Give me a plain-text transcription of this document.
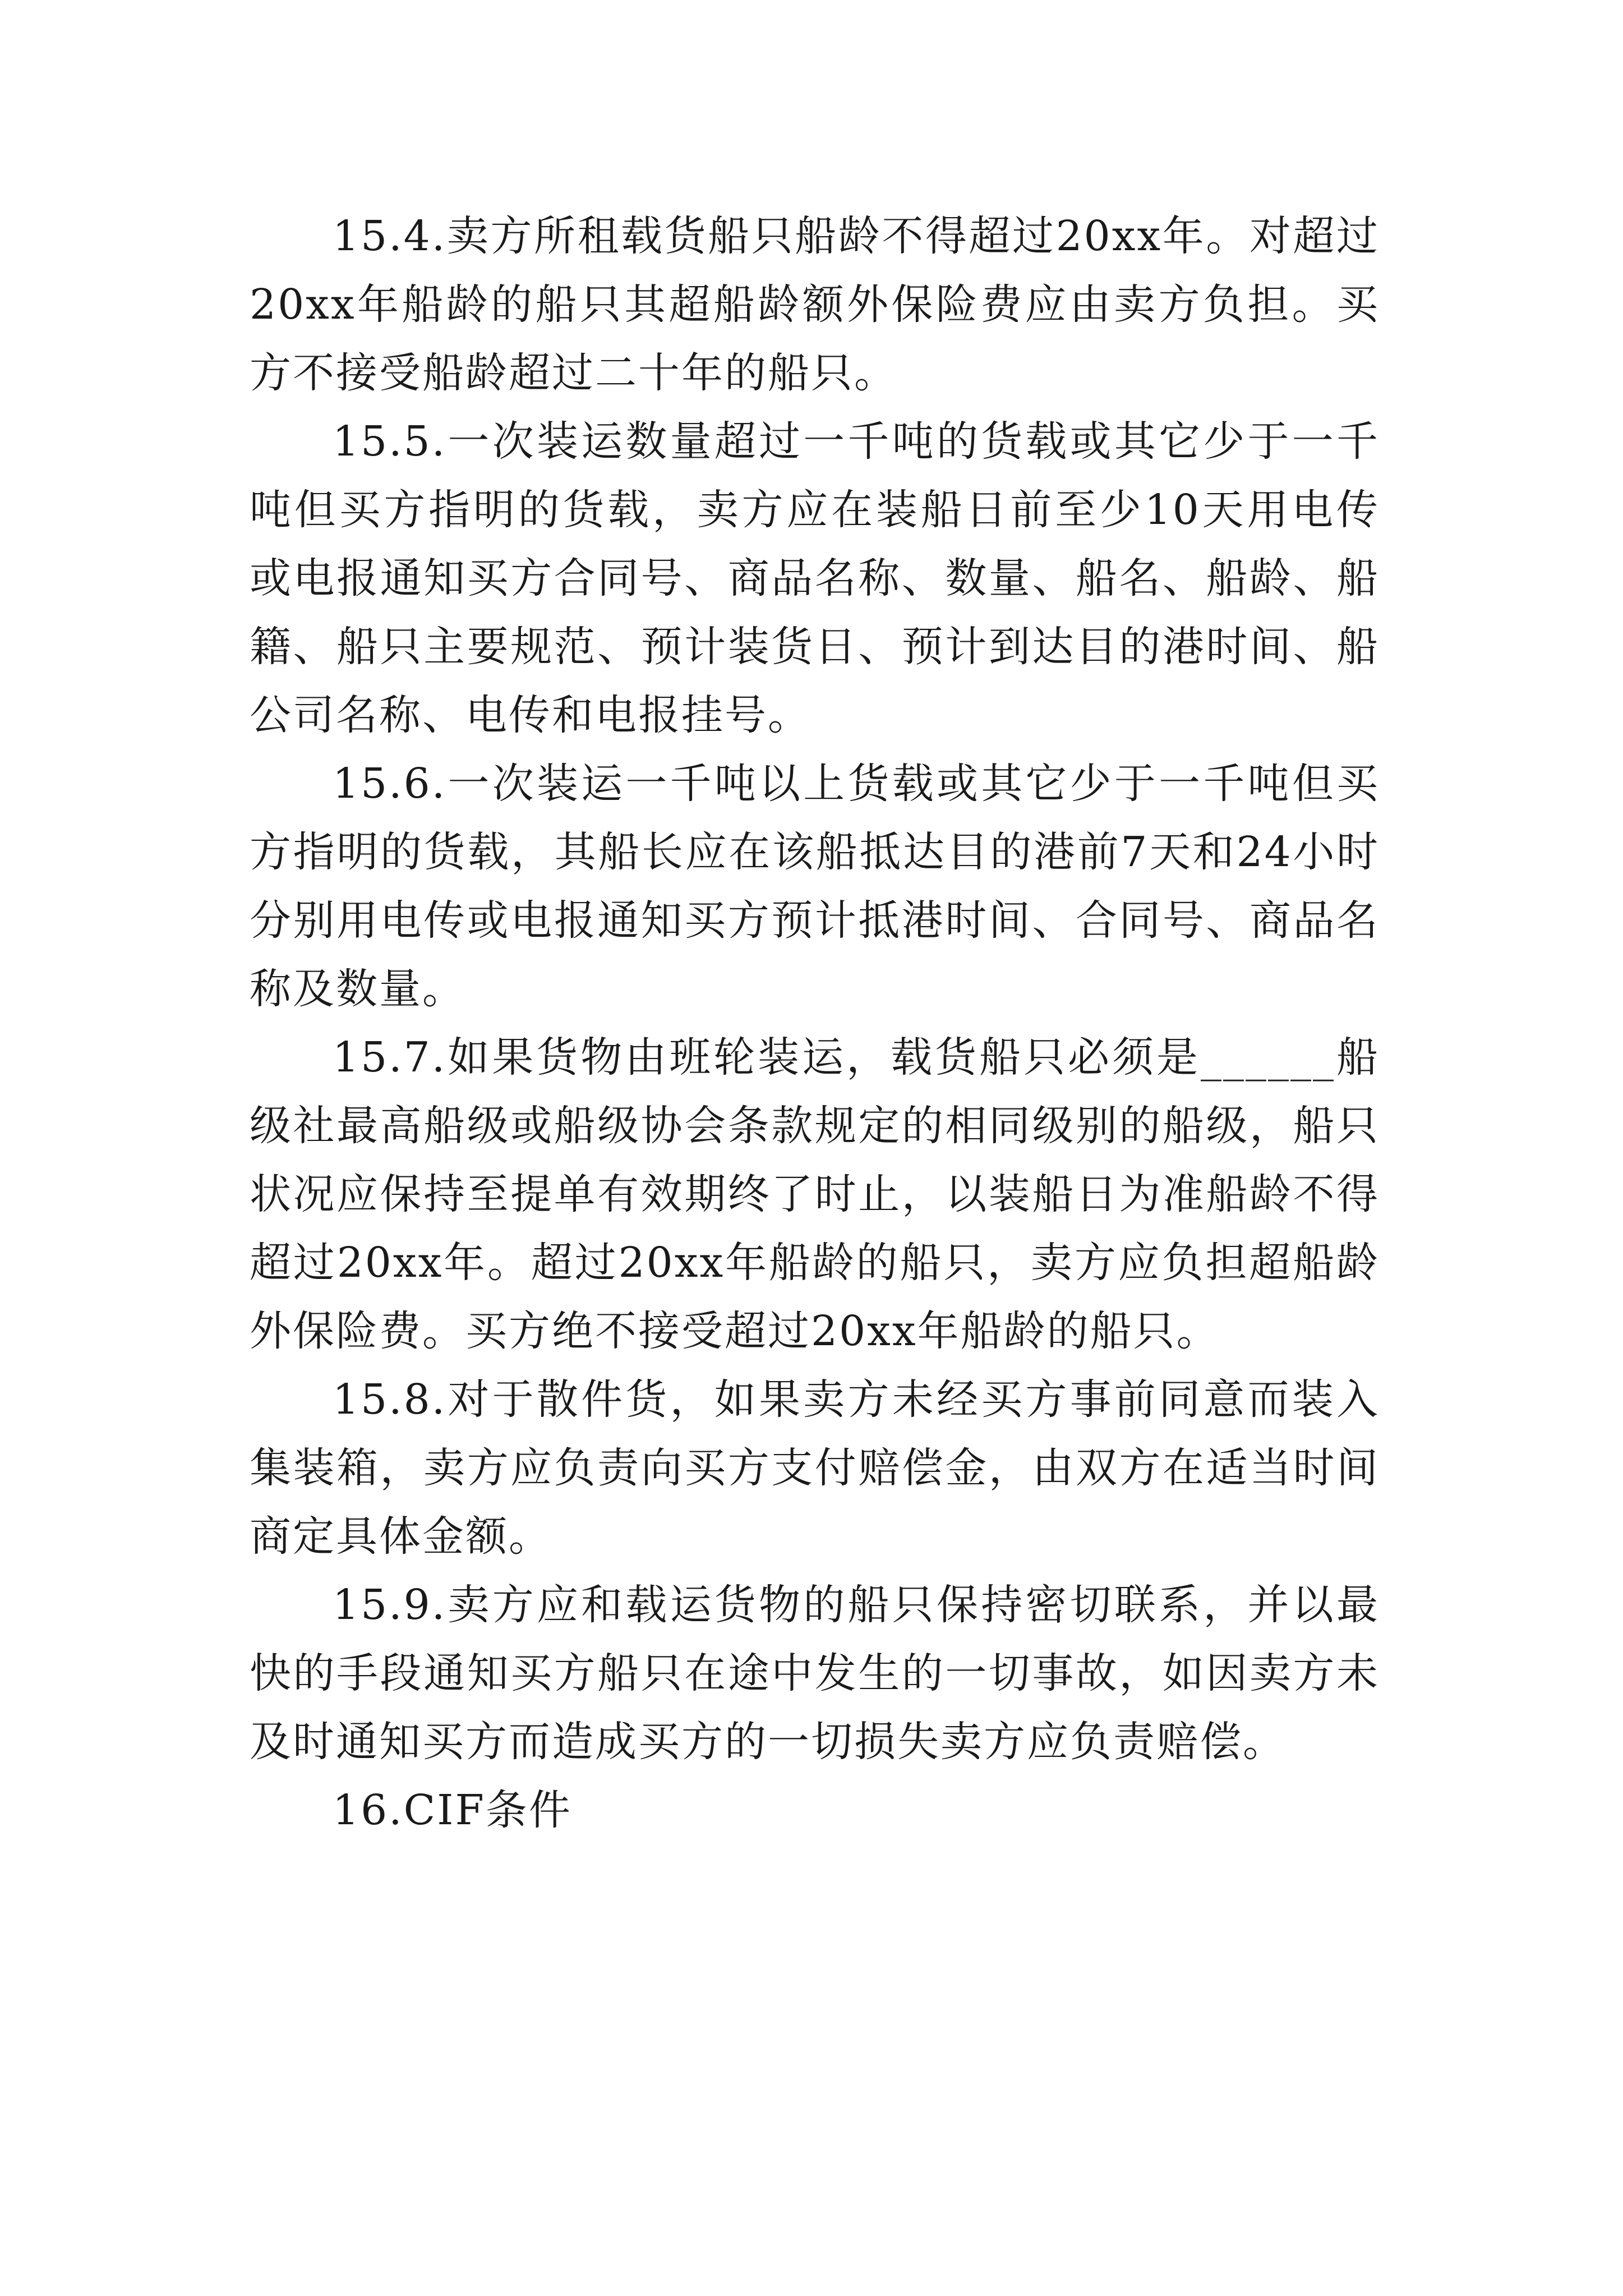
15.4.卖方所租载货船只船龄不得超过20xx年。对超过20xx年船龄的船只其超船龄额外保险费应由卖方负担。买方不接受船龄超过二十年的船只。

15.5.一次装运数量超过一千吨的货载或其它少于一千吨但买方指明的货载，卖方应在装船日前至少10天用电传或电报通知买方合同号、商品名称、数量、船名、船龄、船籍、船只主要规范、预计装货日、预计到达目的港时间、船公司名称、电传和电报挂号。

15.6.一次装运一千吨以上货载或其它少于一千吨但买方指明的货载，其船长应在该船抵达目的港前7天和24小时分别用电传或电报通知买方预计抵港时间、合同号、商品名称及数量。

15.7.如果货物由班轮装运，载货船只必须是______船级社最高船级或船级协会条款规定的相同级别的船级，船只状况应保持至提单有效期终了时止，以装船日为准船龄不得超过20xx年。超过20xx年船龄的船只，卖方应负担超船龄外保险费。买方绝不接受超过20xx年船龄的船只。

15.8.对于散件货，如果卖方未经买方事前同意而装入集装箱，卖方应负责向买方支付赔偿金，由双方在适当时间商定具体金额。

15.9.卖方应和载运货物的船只保持密切联系，并以最快的手段通知买方船只在途中发生的一切事故，如因卖方未及时通知买方而造成买方的一切损失卖方应负责赔偿。

16.CIF条件
